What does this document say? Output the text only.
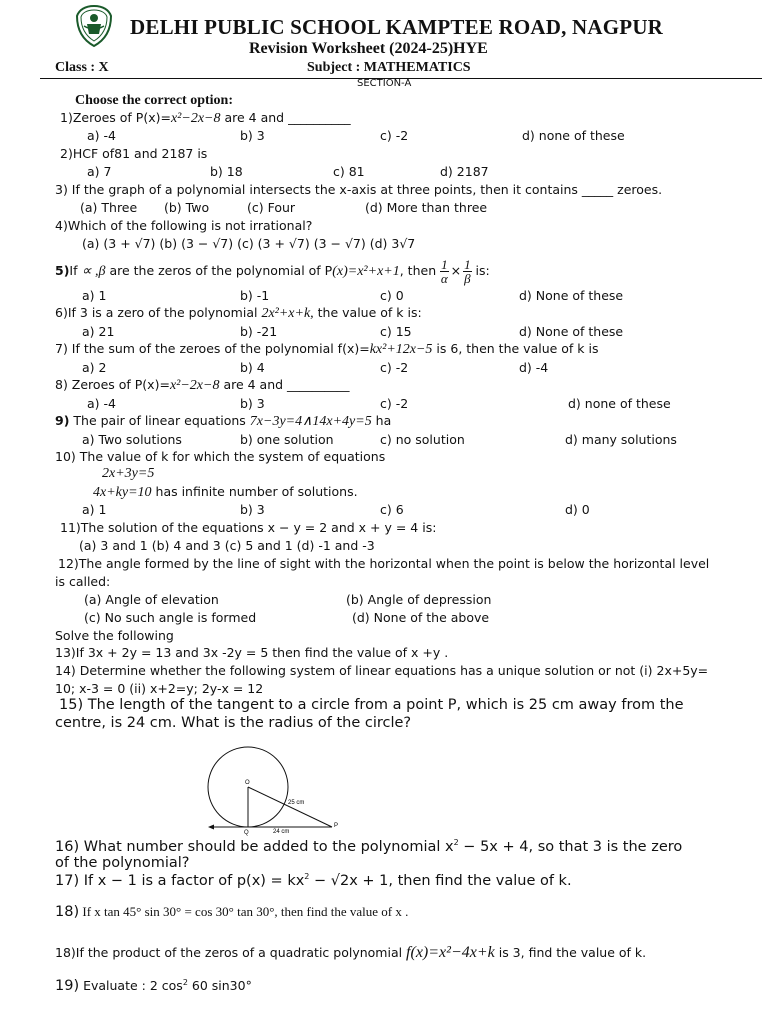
DELHI PUBLIC SCHOOL KAMPTEE ROAD, NAGPUR
Revision Worksheet (2024-25)HYE
Class : X	Subject : MATHEMATICS
SECTION-A
Choose the correct option:
1)Zeroes of P(x)=x²−2x−8 are 4 and __________
a) -4	b) 3	c) -2	d) none of these
2)HCF of81 and 2187 is
a) 7	b) 18	c) 81	d) 2187
3) If the graph of a polynomial intersects the x-axis at three points, then it contains _____ zeroes.
(a) Three (b) Two	(c) Four	(d) More than three
4)Which of the following is not irrational?
(a) (3 + √7) (b) (3 − √7) (c) (3 + √7) (3 − √7) (d) 3√7
5)If ∝ ,β are the zeros of the polynomial of P(x)=x²+x+1, then $\frac{1}{\alpha} \times \frac{1}{\beta}$ is:
a) 1	b) -1	c) 0	d) None of these
6)If 3 is a zero of the polynomial 2x²+x+k, the value of k is:
a) 21	b) -21	c) 15	d) None of these
7) If the sum of the zeroes of the polynomial f(x)=kx²+12x−5 is 6, then the value of k is
a) 2	b) 4	c) -2	d) -4
8) Zeroes of P(x)=x²−2x−8 are 4 and __________
a) -4	b) 3	c) -2	d) none of these
9) The pair of linear equations 7x−3y=4∧14x+4y=5 ha
a) Two solutions	b) one solution	c) no solution	d) many solutions
10) The value of k for which the system of equations
2x+3y=5
4x+ky=10 has infinite number of solutions.
a) 1	b) 3	c) 6	d) 0
11)The solution of the equations x − y = 2 and x + y = 4 is:
(a) 3 and 1 (b) 4 and 3 (c) 5 and 1 (d) -1 and -3
12)The angle formed by the line of sight with the horizontal when the point is below the horizontal level
is called:
(a) Angle of elevation	(b) Angle of depression
(c) No such angle is formed	(d) None of the above
Solve the following
13)If 3x + 2y = 13 and 3x -2y = 5 then find the value of x +y .
14) Determine whether the following system of linear equations has a unique solution or not (i) 2x+5y=
10; x-3 = 0 (ii) x+2=y; 2y-x = 12
15) The length of the tangent to a circle from a point P, which is 25 cm away from the
centre, is 24 cm. What is the radius of the circle?
O
Q
P
25 cm
24 cm
16) What number should be added to the polynomial $x^2 - 5x + 4$, so that 3 is the zero
of the polynomial?
17) If x − 1 is a factor of $p(x) = kx^2 - √2x + 1$, then find the value of k.
18) If x tan 45° sin 30° = cos 30° tan 30°, then find the value of x .
18)If the product of the zeros of a quadratic polynomial f(x)=x²−4x+k is 3, find the value of k.
19) Evaluate : 2 $\cos^2 60$ sin30°
